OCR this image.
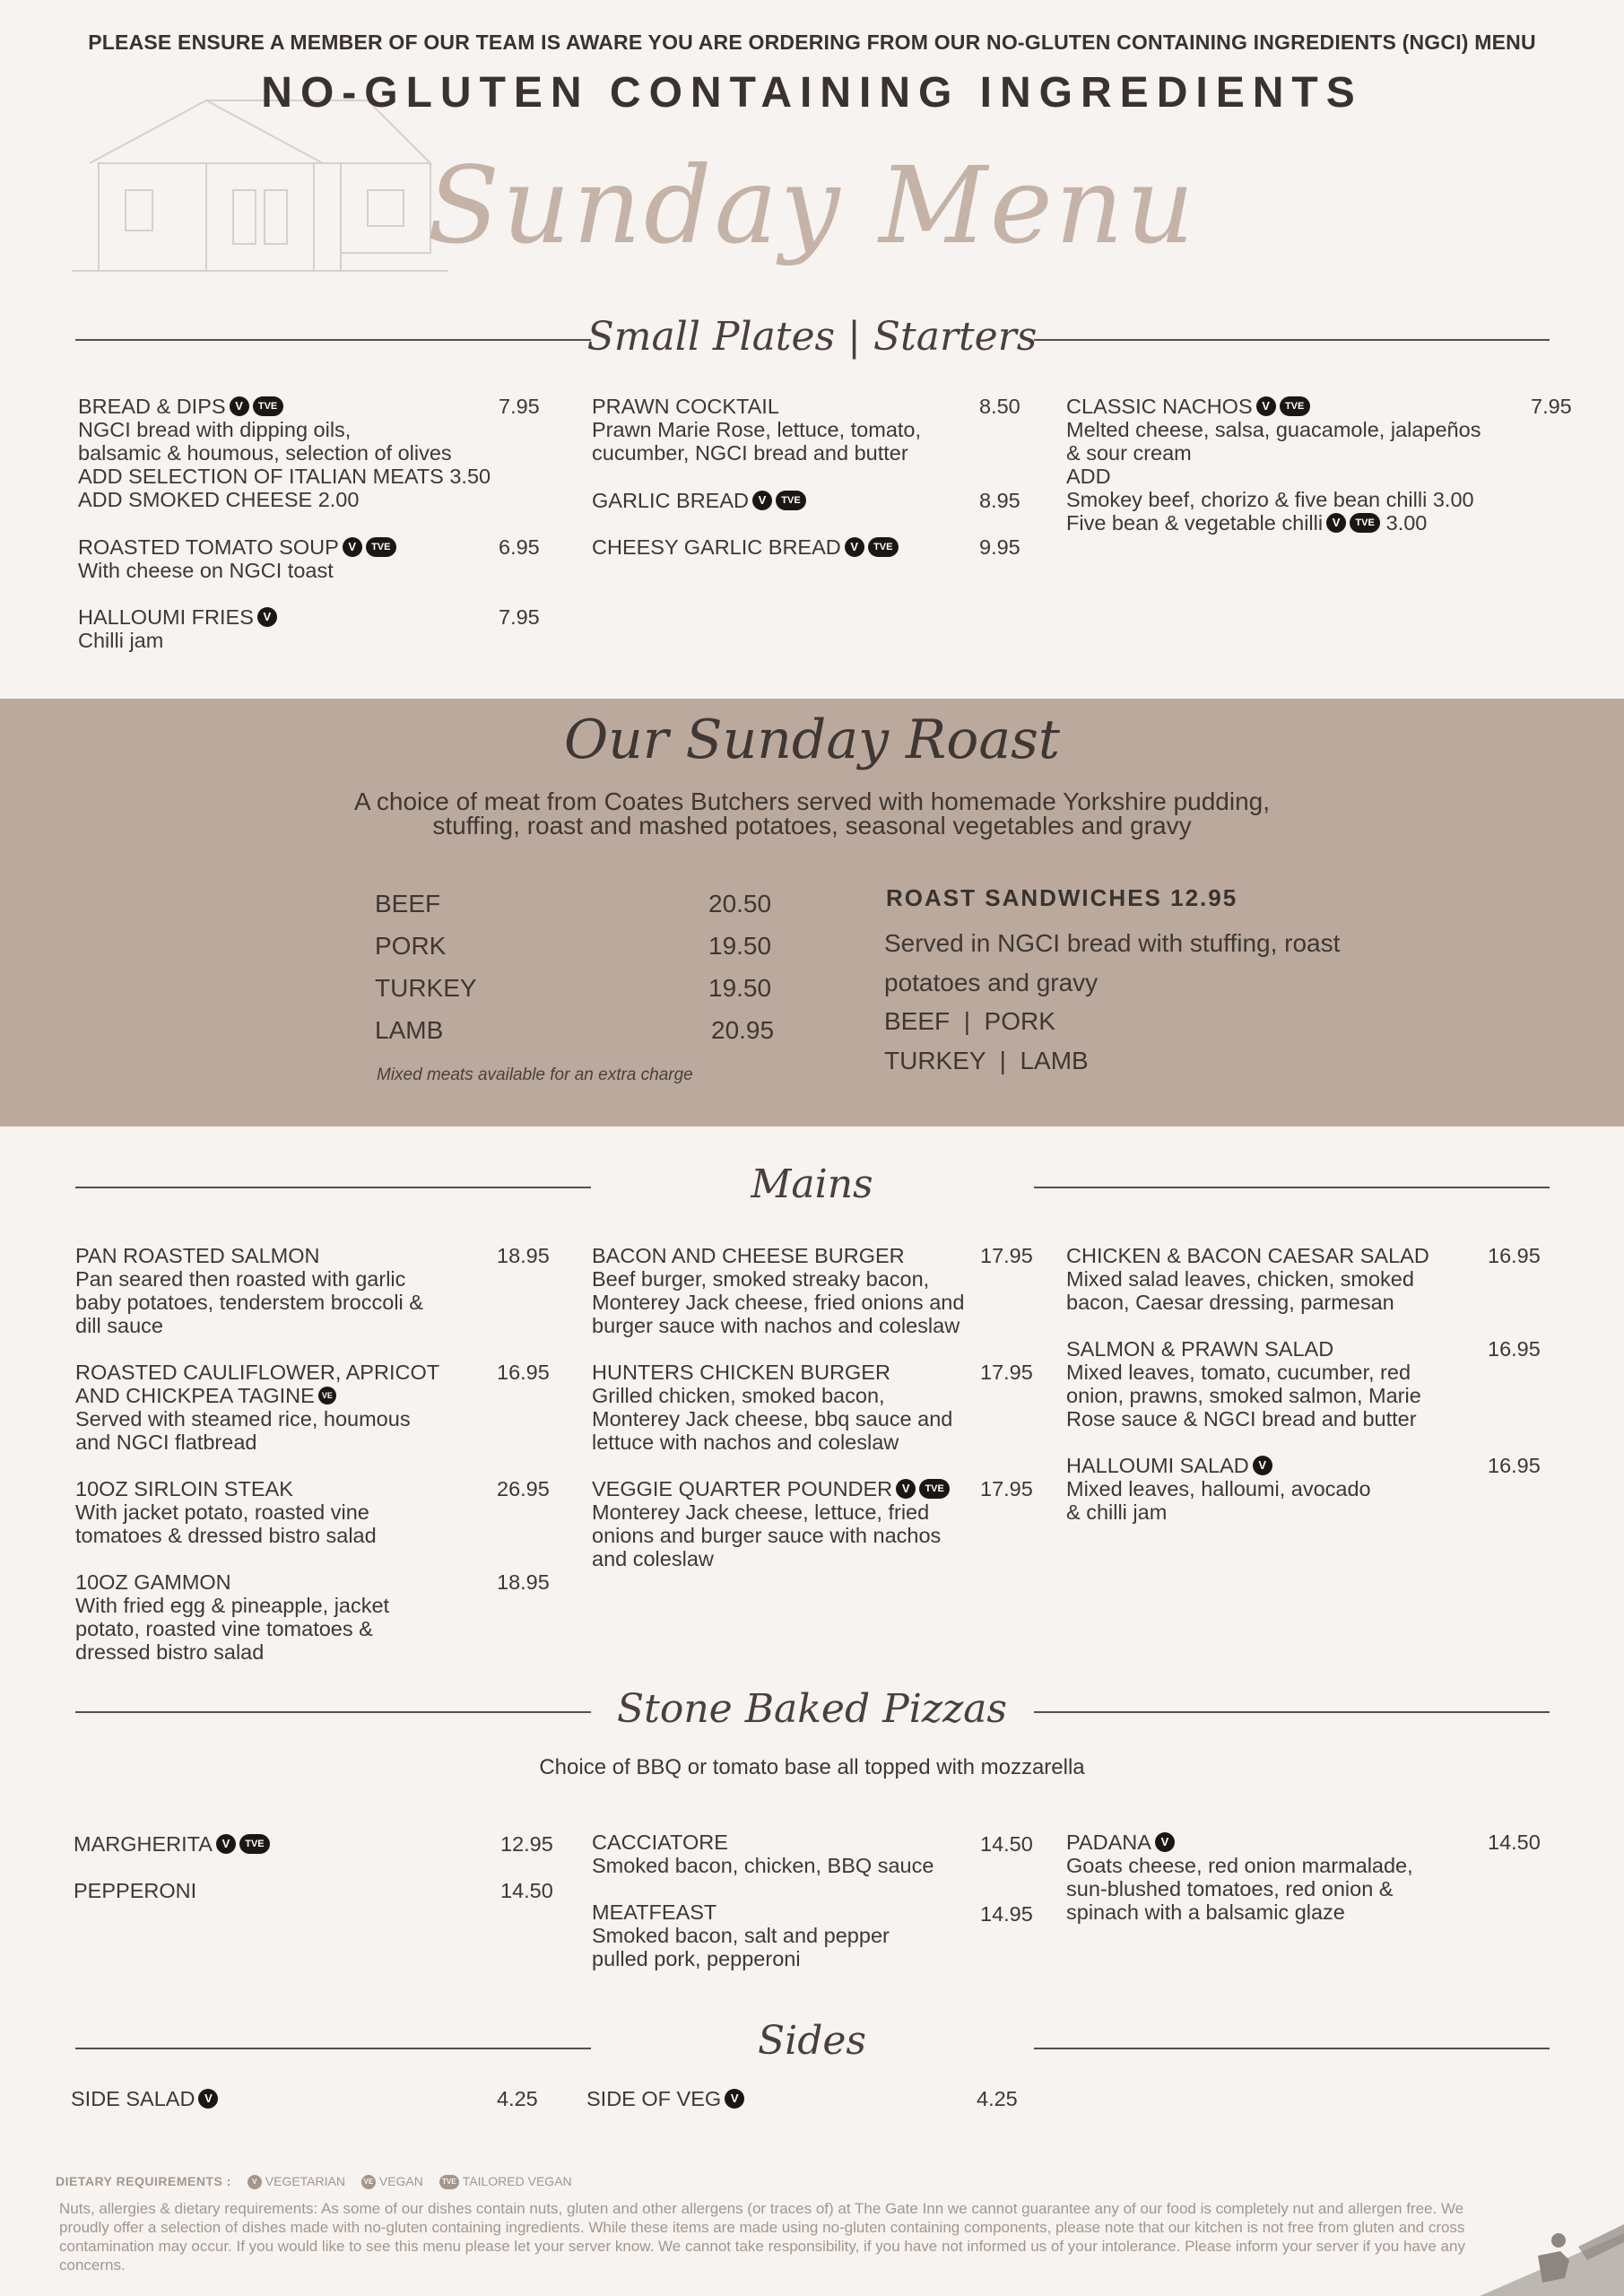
PLEASE ENSURE A MEMBER OF OUR TEAM IS AWARE YOU ARE ORDERING FROM OUR NO-GLUTEN CONTAINING INGREDIENTS (NGCI) MENU
NO-GLUTEN CONTAINING INGREDIENTS
Sunday Menu
Small Plates | Starters
BREAD & DIPS V TVE
NGCI bread with dipping oils,
balsamic & houmous, selection of olives
ADD SELECTION OF ITALIAN MEATS 3.50
ADD SMOKED CHEESE 2.00
7.95
ROASTED TOMATO SOUP V TVE
With cheese on NGCI toast
6.95
HALLOUMI FRIES V
Chilli jam
7.95
PRAWN COCKTAIL
Prawn Marie Rose, lettuce, tomato,
cucumber, NGCI bread and butter
8.50
GARLIC BREAD V TVE	8.95
CHEESY GARLIC BREAD V TVE	9.95
CLASSIC NACHOS V TVE
Melted cheese, salsa, guacamole, jalapeños
& sour cream
ADD
Smokey beef, chorizo & five bean chilli 3.00
Five bean & vegetable chilli V TVE 3.00
7.95
Our Sunday Roast
A choice of meat from Coates Butchers served with homemade Yorkshire pudding,
stuffing, roast and mashed potatoes, seasonal vegetables and gravy
BEEF	20.50
PORK	19.50
TURKEY	19.50
LAMB	20.95
Mixed meats available for an extra charge
ROAST SANDWICHES 12.95
Served in NGCI bread with stuffing, roast
potatoes and gravy
BEEF  |  PORK
TURKEY  |  LAMB
Mains
PAN ROASTED SALMON
Pan seared then roasted with garlic
baby potatoes, tenderstem broccoli &
dill sauce
18.95
ROASTED CAULIFLOWER, APRICOT
AND CHICKPEA TAGINE VE
Served with steamed rice, houmous
and NGCI flatbread
16.95
10OZ SIRLOIN STEAK
With jacket potato, roasted vine
tomatoes & dressed bistro salad
26.95
10OZ GAMMON
With fried egg & pineapple, jacket
potato, roasted vine tomatoes &
dressed bistro salad
18.95
BACON AND CHEESE BURGER
Beef burger, smoked streaky bacon,
Monterey Jack cheese, fried onions and
burger sauce with nachos and coleslaw
17.95
HUNTERS CHICKEN BURGER
Grilled chicken, smoked bacon,
Monterey Jack cheese, bbq sauce and
lettuce with nachos and coleslaw
17.95
VEGGIE QUARTER POUNDER V TVE
Monterey Jack cheese, lettuce, fried
onions and burger sauce with nachos
and coleslaw
17.95
CHICKEN & BACON CAESAR SALAD
Mixed salad leaves, chicken, smoked
bacon, Caesar dressing, parmesan
16.95
SALMON & PRAWN SALAD
Mixed leaves, tomato, cucumber, red
onion, prawns, smoked salmon, Marie
Rose sauce & NGCI bread and butter
16.95
HALLOUMI SALAD V
Mixed leaves, halloumi, avocado
& chilli jam
16.95
Stone Baked Pizzas
Choice of BBQ or tomato base all topped with mozzarella
MARGHERITA V TVE	12.95
PEPPERONI	14.50
CACCIATORE
Smoked bacon, chicken, BBQ sauce
14.50
MEATFEAST
Smoked bacon, salt and pepper
pulled pork, pepperoni
14.95
PADANA V
Goats cheese, red onion marmalade,
sun-blushed tomatoes, red onion &
spinach with a balsamic glaze
14.50
Sides
SIDE SALAD V	4.25 SIDE OF VEG V	4.25
DIETARY REQUIREMENTS :	V VEGETARIAN	VE VEGAN	TVE TAILORED VEGAN
Nuts, allergies & dietary requirements: As some of our dishes contain nuts, gluten and other allergens (or traces of) at The Gate Inn we cannot guarantee any of our food is completely nut and allergen free. We proudly offer a selection of dishes made with no-gluten containing ingredients. While these items are made using no-gluten containing components, please note that our kitchen is not free from gluten and cross contamination may occur. If you would like to see this menu please let your server know. We cannot take responsibility, if you have not informed us of your intolerance. Please inform your server if you have any concerns.
